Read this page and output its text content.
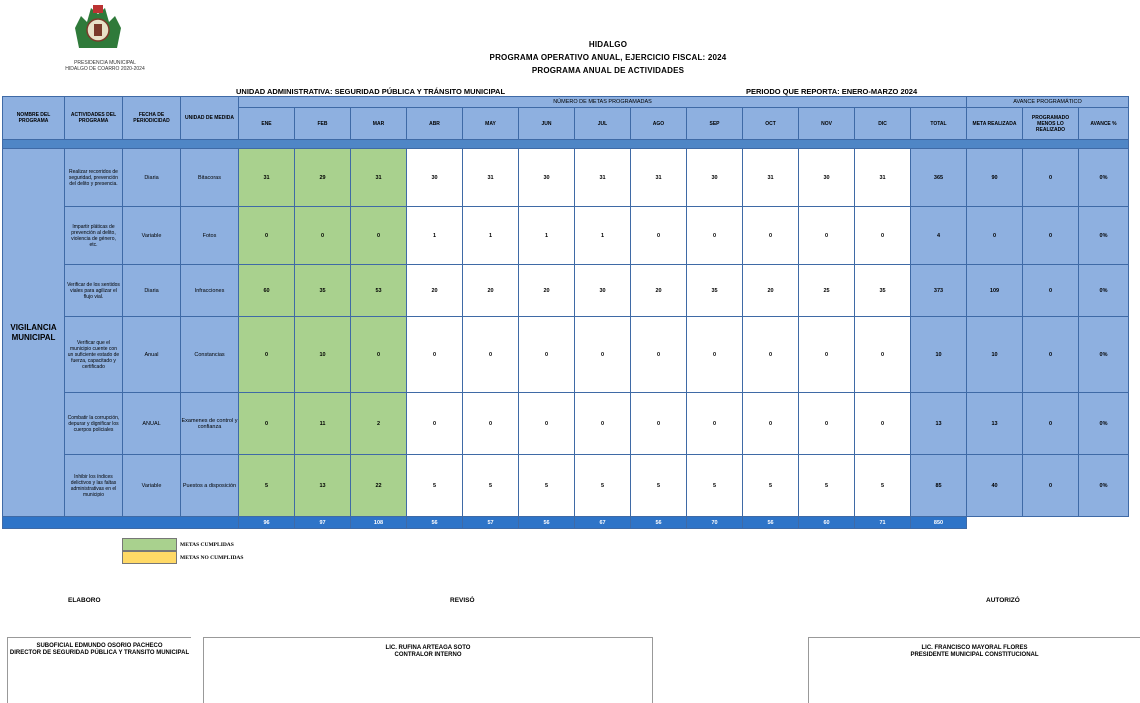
PRESIDENCIA MUNICIPAL
HIDALGO DE COARRO 2020-2024
HIDALGO
PROGRAMA OPERATIVO ANUAL, EJERCICIO FISCAL: 2024
PROGRAMA ANUAL DE ACTIVIDADES
UNIDAD ADMINISTRATIVA: SEGURIDAD PÚBLICA Y TRÁNSITO MUNICIPAL	PERIODO QUE REPORTA: ENERO-MARZO 2024
NOMBRE DEL PROGRAMA	ACTIVIDADES DEL PROGRAMA	FECHA DE PERIODICIDAD	UNIDAD DE MEDIDA	NÚMERO DE METAS PROGRAMADAS													AVANCE PROGRAMÁTICO		
				ENE	FEB	MAR	ABR	MAY	JUN	JUL	AGO	SEP	OCT	NOV	DIC	TOTAL	META REALIZADA	PROGRAMADO MENOS LO REALIZADO	AVANCE %

VIGILANCIA MUNICIPAL	Realizar recorridos de seguridad, prevención del delito y presencia.	Diaria	Bitacoras	31	29	31	30	31	30	31	31	30	31	30	31	365	90	0	0%
	Impartir pláticas de prevención al delito, violencia de género, etc.	Variable	Fotos	0	0	0	1	1	1	1	0	0	0	0	0	4	0	0	0%
	Verificar de los sentidos viales para agilizar el flujo vial.	Diaria	Infracciones	60	35	53	20	20	20	30	20	35	20	25	35	373	109	0	0%
	Verificar que el municipio cuente con un suficiente estado de fuerza, capacitado y certificado	Anual	Constancias	0	10	0	0	0	0	0	0	0	0	0	0	10	10	0	0%
	Combatir la corrupción, depurar y dignificar los cuerpos policiales	ANUAL	Examenes de control y confianza	0	11	2	0	0	0	0	0	0	0	0	0	13	13	0	0%
	Inhibir los índices delictivos y las faltas administrativas en el municipio	Variable	Puestos a disposición	5	13	22	5	5	5	5	5	5	5	5	5	85	40	0	0%
				96	97	108	56	57	56	67	56	70	56	60	71	850			
METAS CUMPLIDAS
METAS NO CUMPLIDAS
ELABORO	REVISÓ	AUTORIZÓ
SUBOFICIAL EDMUNDO OSORIO PACHECO
DIRECTOR DE SEGURIDAD PÚBLICA Y TRANSITO MUNICIPAL
LIC. RUFINA ARTEAGA SOTO
CONTRALOR INTERNO
LIC. FRANCISCO MAYORAL FLORES
PRESIDENTE MUNICIPAL CONSTITUCIONAL
